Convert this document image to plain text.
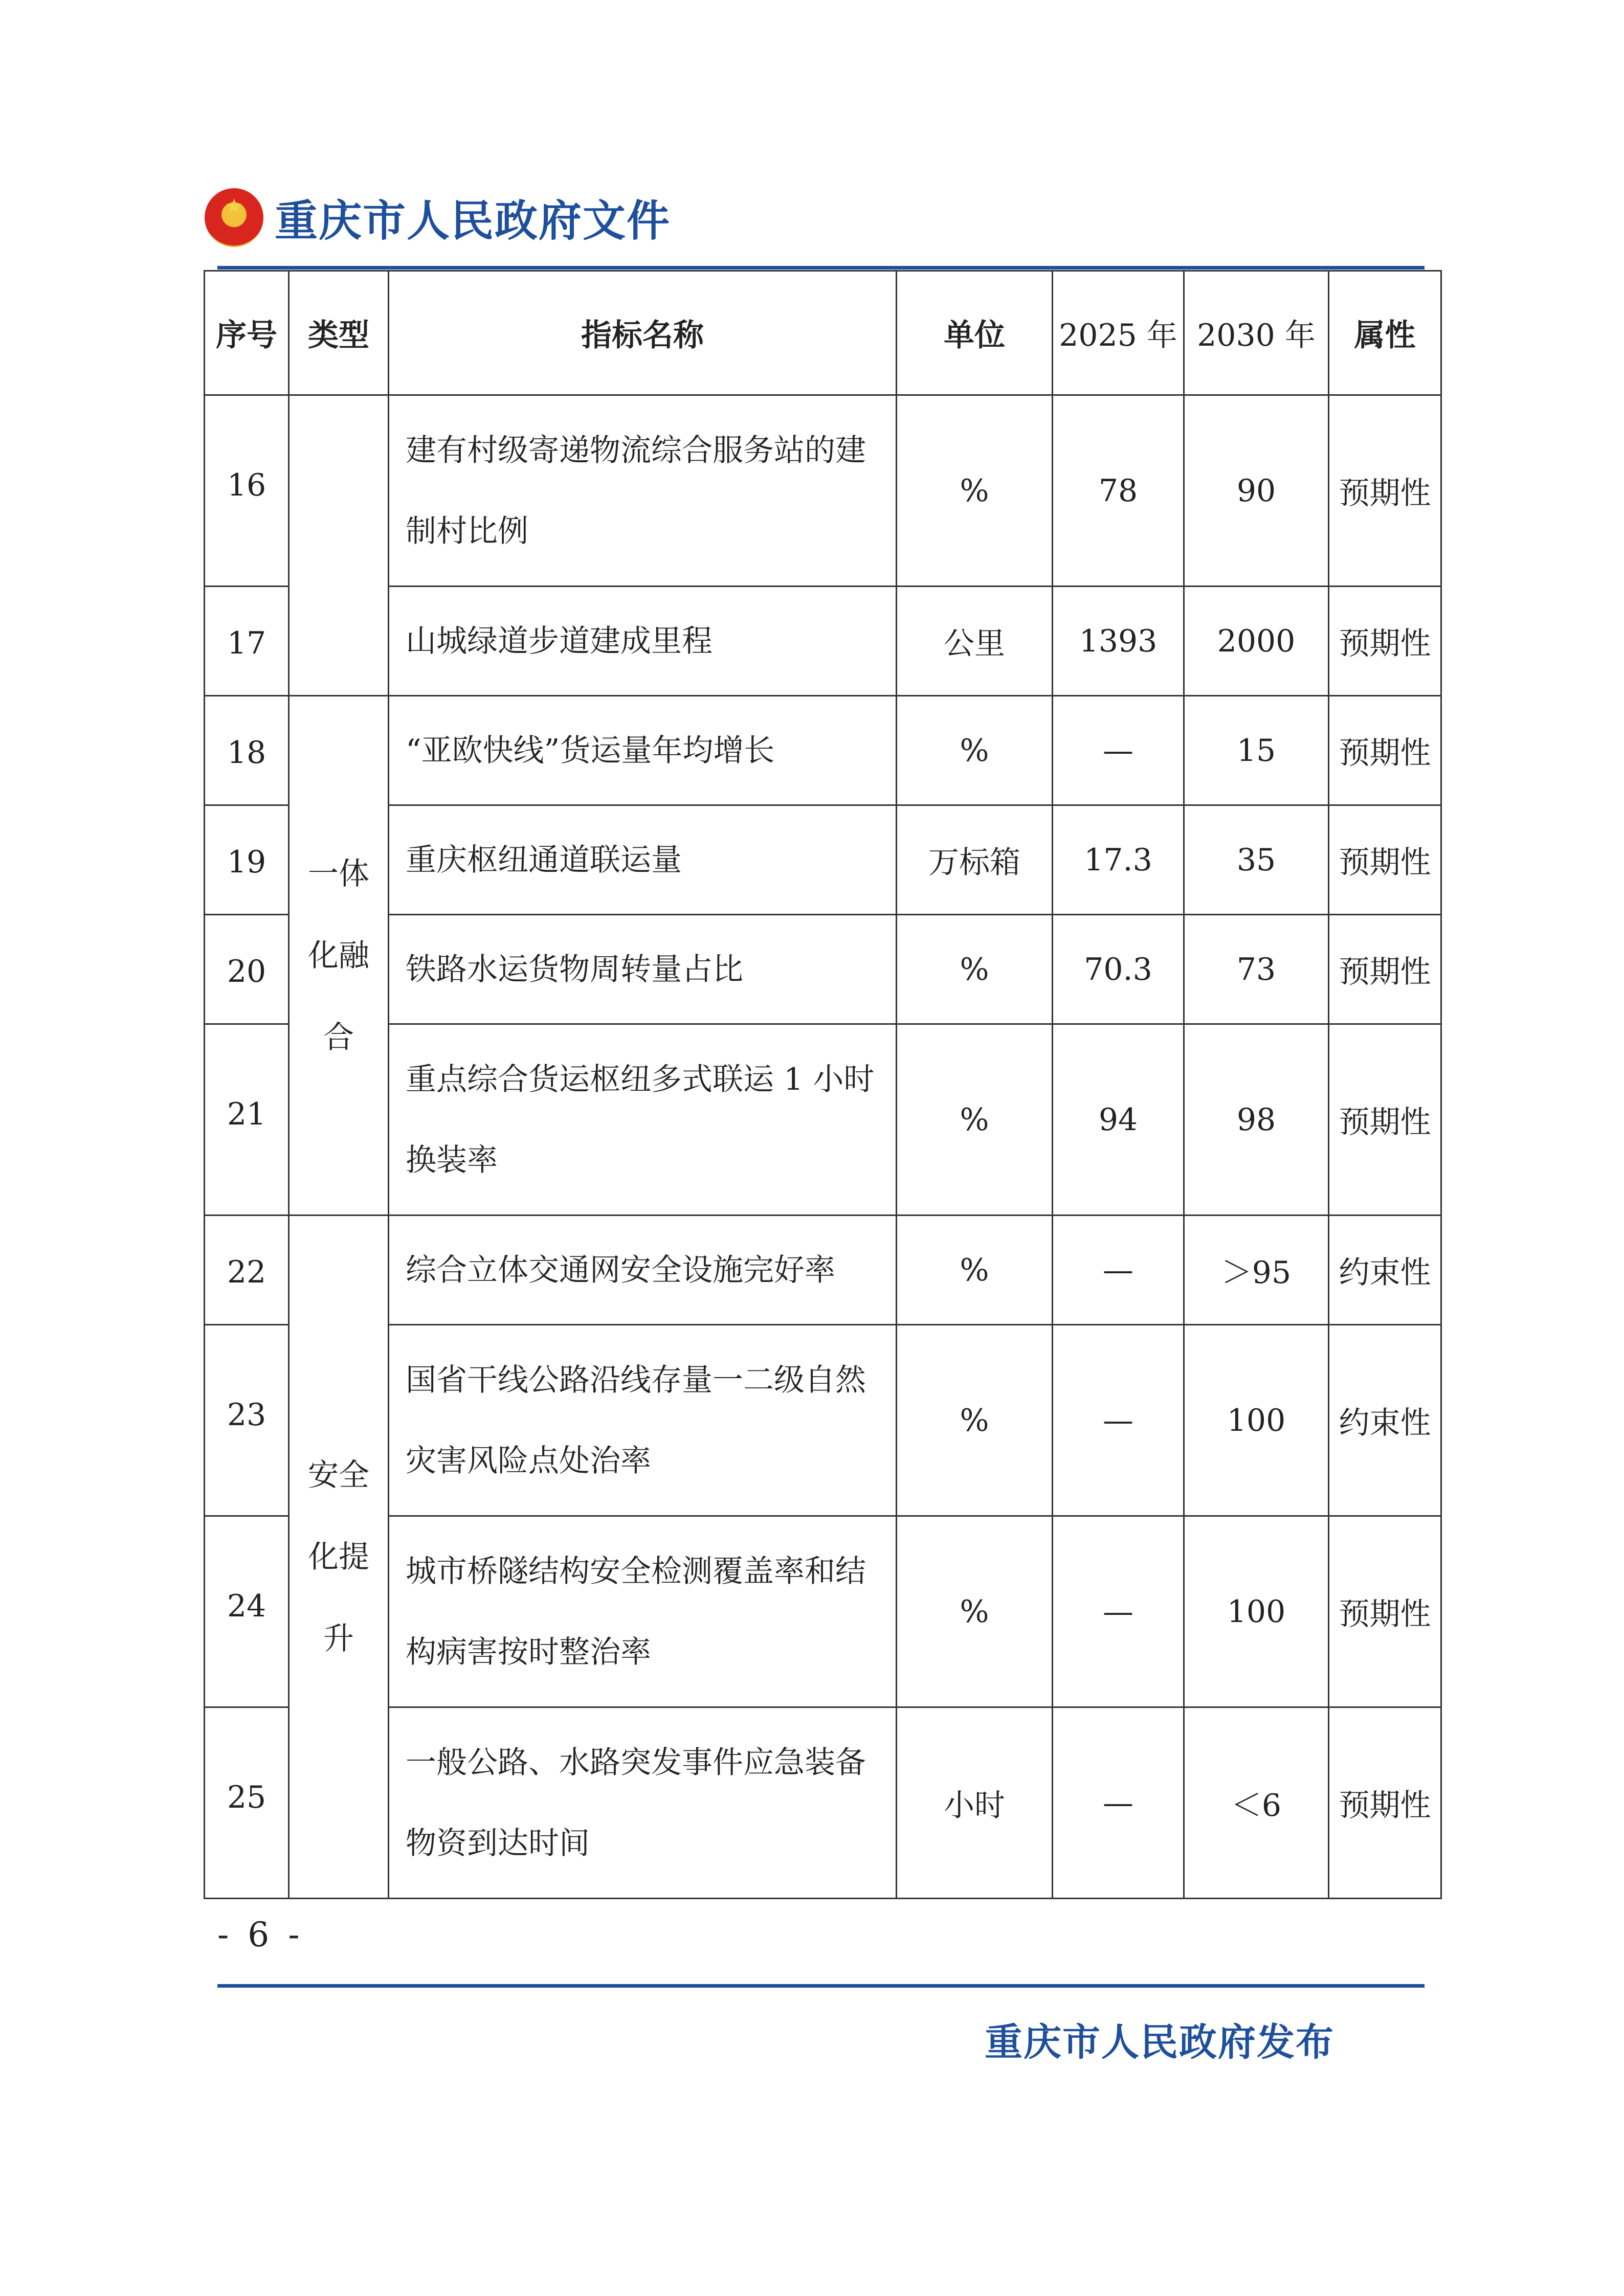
★
重庆市人民政府文件
序号	类型	指标名称	单位	2025 年	2030 年	属性
16		建有村级寄递物流综合服务站的建制村比例	%	78	90	预期性
17		山城绿道步道建成里程	公里	1393	2000	预期性
18	一体化融合	“亚欧快线”货运量年均增长	%	—	15	预期性
19		重庆枢纽通道联运量	万标箱	17.3	35	预期性
20		铁路水运货物周转量占比	%	70.3	73	预期性
21		重点综合货运枢纽多式联运 1 小时换装率	%	94	98	预期性
22	安全化提升	综合立体交通网安全设施完好率	%	—	＞95	约束性
23		国省干线公路沿线存量一二级自然灾害风险点处治率	%	—	100	约束性
24		城市桥隧结构安全检测覆盖率和结构病害按时整治率	%	—	100	预期性
25		一般公路、水路突发事件应急装备物资到达时间	小时	—	＜6	预期性
- 6 -
重庆市人民政府发布
